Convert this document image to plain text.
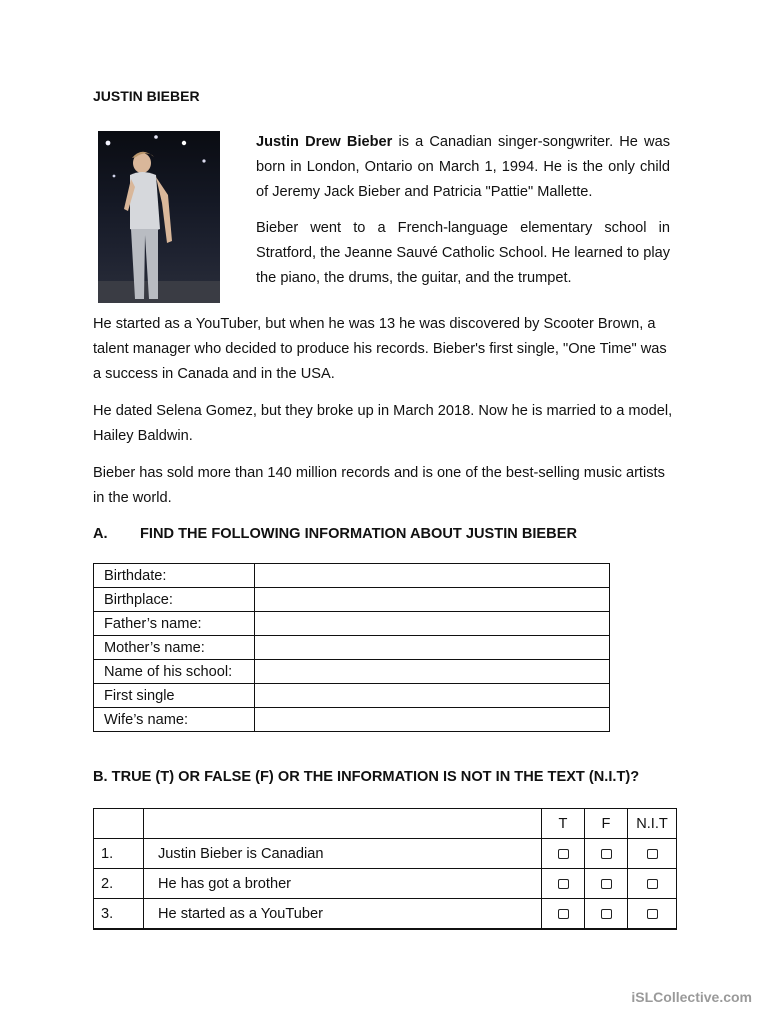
JUSTIN BIEBER

Justin Drew Bieber is a Canadian singer-songwriter. He was born in London, Ontario on March 1, 1994. He is the only child of Jeremy Jack Bieber and Patricia "Pattie" Mallette.

Bieber went to a French-language elementary school in Stratford, the Jeanne Sauvé Catholic School. He learned to play the piano, the drums, the guitar, and the trumpet.

He started as a YouTuber, but when he was 13 he was discovered by Scooter Brown, a talent manager who decided to produce his records. Bieber's first single, "One Time" was a success in Canada and in the USA.

He dated Selena Gomez, but they broke up in March 2018. Now he is married to a model, Hailey Baldwin.

Bieber has sold more than 140 million records and is one of the best-selling music artists in the world.

A. FIND THE FOLLOWING INFORMATION ABOUT JUSTIN BIEBER
Birthdate:	
Birthplace:	
Father’s name:	
Mother’s name:	
Name of his school:	
First single	
Wife’s name:	
B. TRUE (T) OR FALSE (F) OR THE INFORMATION IS NOT IN THE TEXT (N.I.T)?
		T	F	N.I.T
1.	Justin Bieber is Canadian			
2.	He has got a brother			
3.	He started as a YouTuber			
iSLCollective.com
